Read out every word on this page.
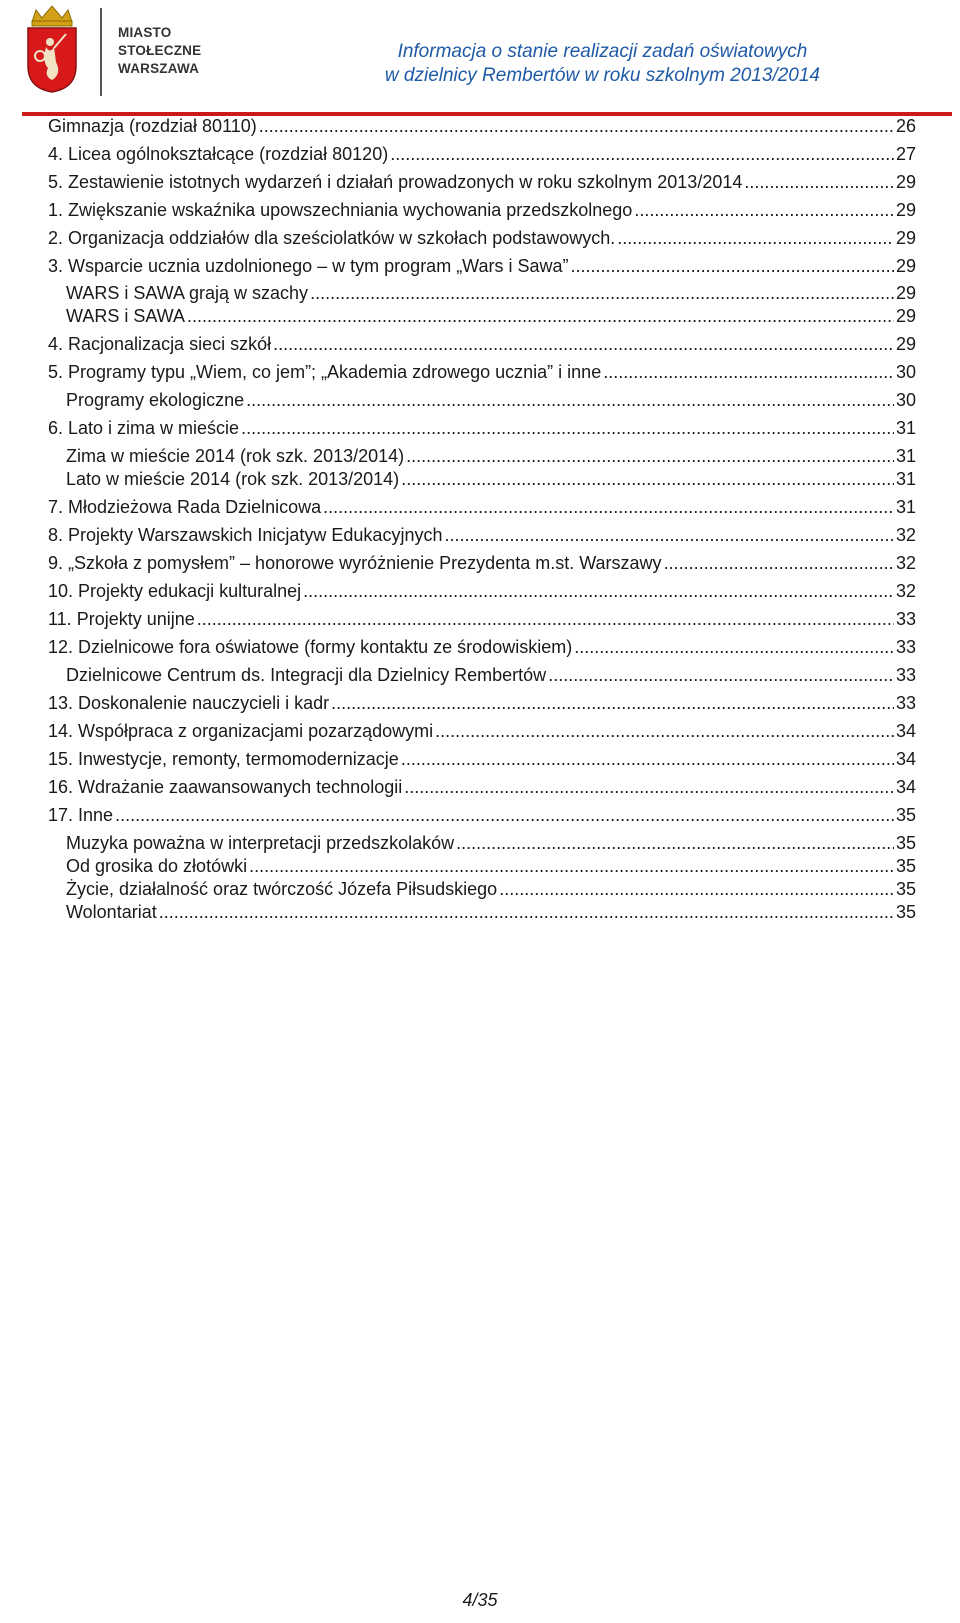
MIASTO
STOŁECZNE
WARSZAWA
Informacja o stanie realizacji zadań oświatowych
w dzielnicy Rembertów w roku szkolnym 2013/2014
Gimnazja (rozdział 80110) .....	26
4. Licea ogólnokształcące (rozdział 80120) .....	27
5. Zestawienie istotnych wydarzeń i działań prowadzonych w roku szkolnym 2013/2014 .....	29
1. Zwiększanie wskaźnika upowszechniania wychowania przedszkolnego .....	29
2. Organizacja oddziałów dla sześciolatków w szkołach podstawowych. .....	29
3. Wsparcie ucznia uzdolnionego – w tym program „Wars i Sawa” .....	29
WARS i SAWA grają w szachy .....	29
WARS i SAWA .....	29
4. Racjonalizacja sieci szkół .....	29
5. Programy typu „Wiem, co jem”; „Akademia zdrowego ucznia” i inne .....	30
Programy ekologiczne .....	30
6. Lato i zima w mieście .....	31
Zima w mieście 2014 (rok szk. 2013/2014) .....	31
Lato w mieście 2014 (rok szk. 2013/2014) .....	31
7. Młodzieżowa Rada Dzielnicowa .....	31
8. Projekty Warszawskich Inicjatyw Edukacyjnych .....	32
9. „Szkoła z pomysłem” – honorowe wyróżnienie Prezydenta m.st. Warszawy .....	32
10. Projekty edukacji kulturalnej .....	32
11. Projekty unijne .....	33
12. Dzielnicowe fora oświatowe (formy kontaktu ze środowiskiem) .....	33
Dzielnicowe Centrum ds. Integracji dla Dzielnicy Rembertów .....	33
13. Doskonalenie nauczycieli i kadr .....	33
14. Współpraca z organizacjami pozarządowymi .....	34
15. Inwestycje, remonty, termomodernizacje .....	34
16. Wdrażanie zaawansowanych technologii .....	34
17. Inne .....	35
Muzyka poważna w interpretacji przedszkolaków .....	35
Od grosika do złotówki .....	35
Życie, działalność oraz twórczość Józefa Piłsudskiego .....	35
Wolontariat .....	35
4/35
